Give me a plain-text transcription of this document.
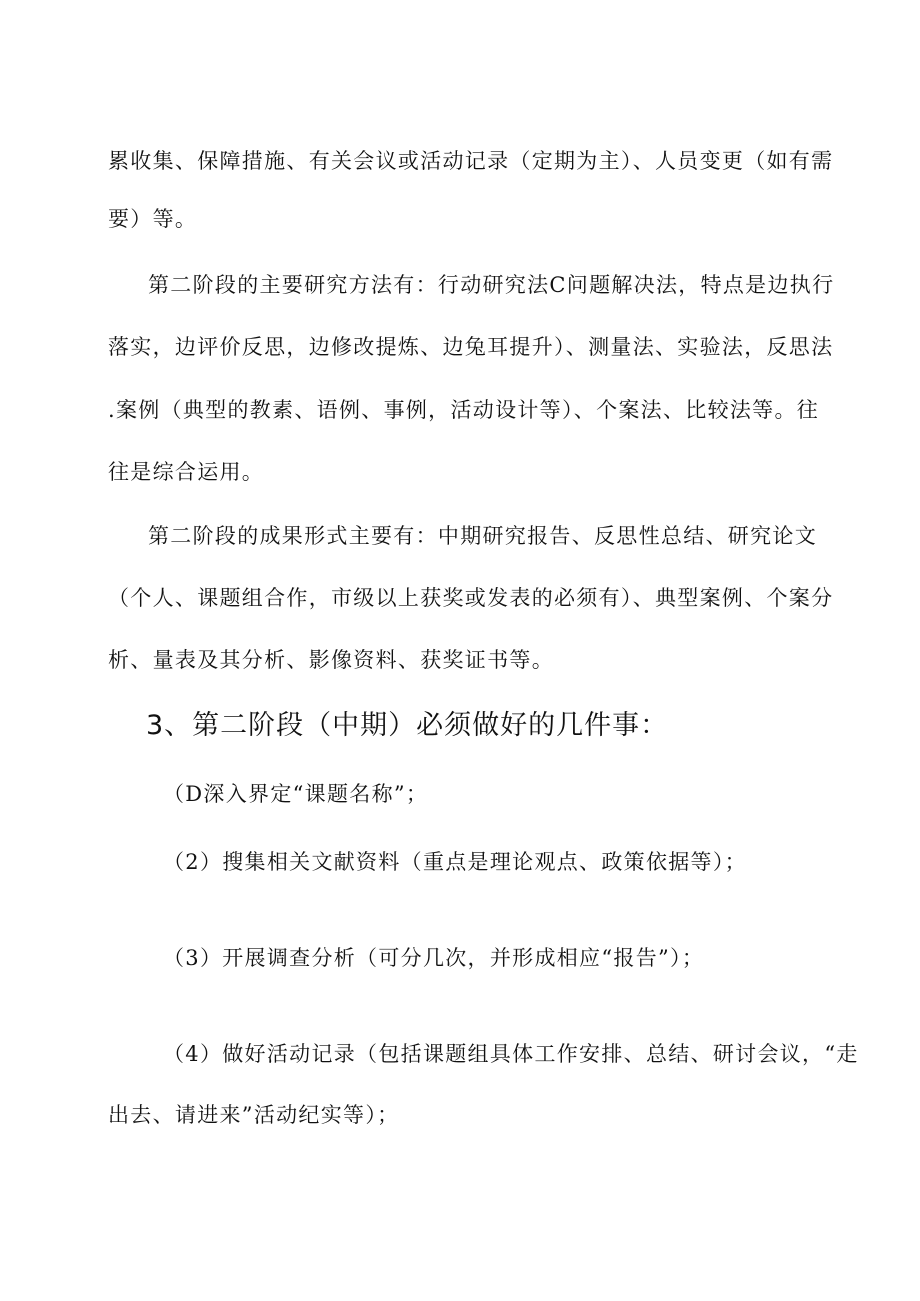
累收集、保障措施、有关会议或活动记录（定期为主）、人员变更（如有需
要）等。
第二阶段的主要研究方法有：行动研究法C问题解决法，特点是边执行
落实，边评价反思，边修改提炼、边兔耳提升）、测量法、实验法，反思法
.案例（典型的教素、语例、事例，活动设计等）、个案法、比较法等。往
往是综合运用。
第二阶段的成果形式主要有：中期研究报告、反思性总结、研究论文
（个人、课题组合作，市级以上获奖或发表的必须有）、典型案例、个案分
析、量表及其分析、影像资料、获奖证书等。
3、第二阶段（中期）必须做好的几件事：
（D深入界定“课题名称”；
（2）搜集相关文献资料（重点是理论观点、政策依据等）；
（3）开展调查分析（可分几次，并形成相应“报告”）；
（4）做好活动记录（包括课题组具体工作安排、总结、研讨会议，“走
出去、请进来”活动纪实等）；
